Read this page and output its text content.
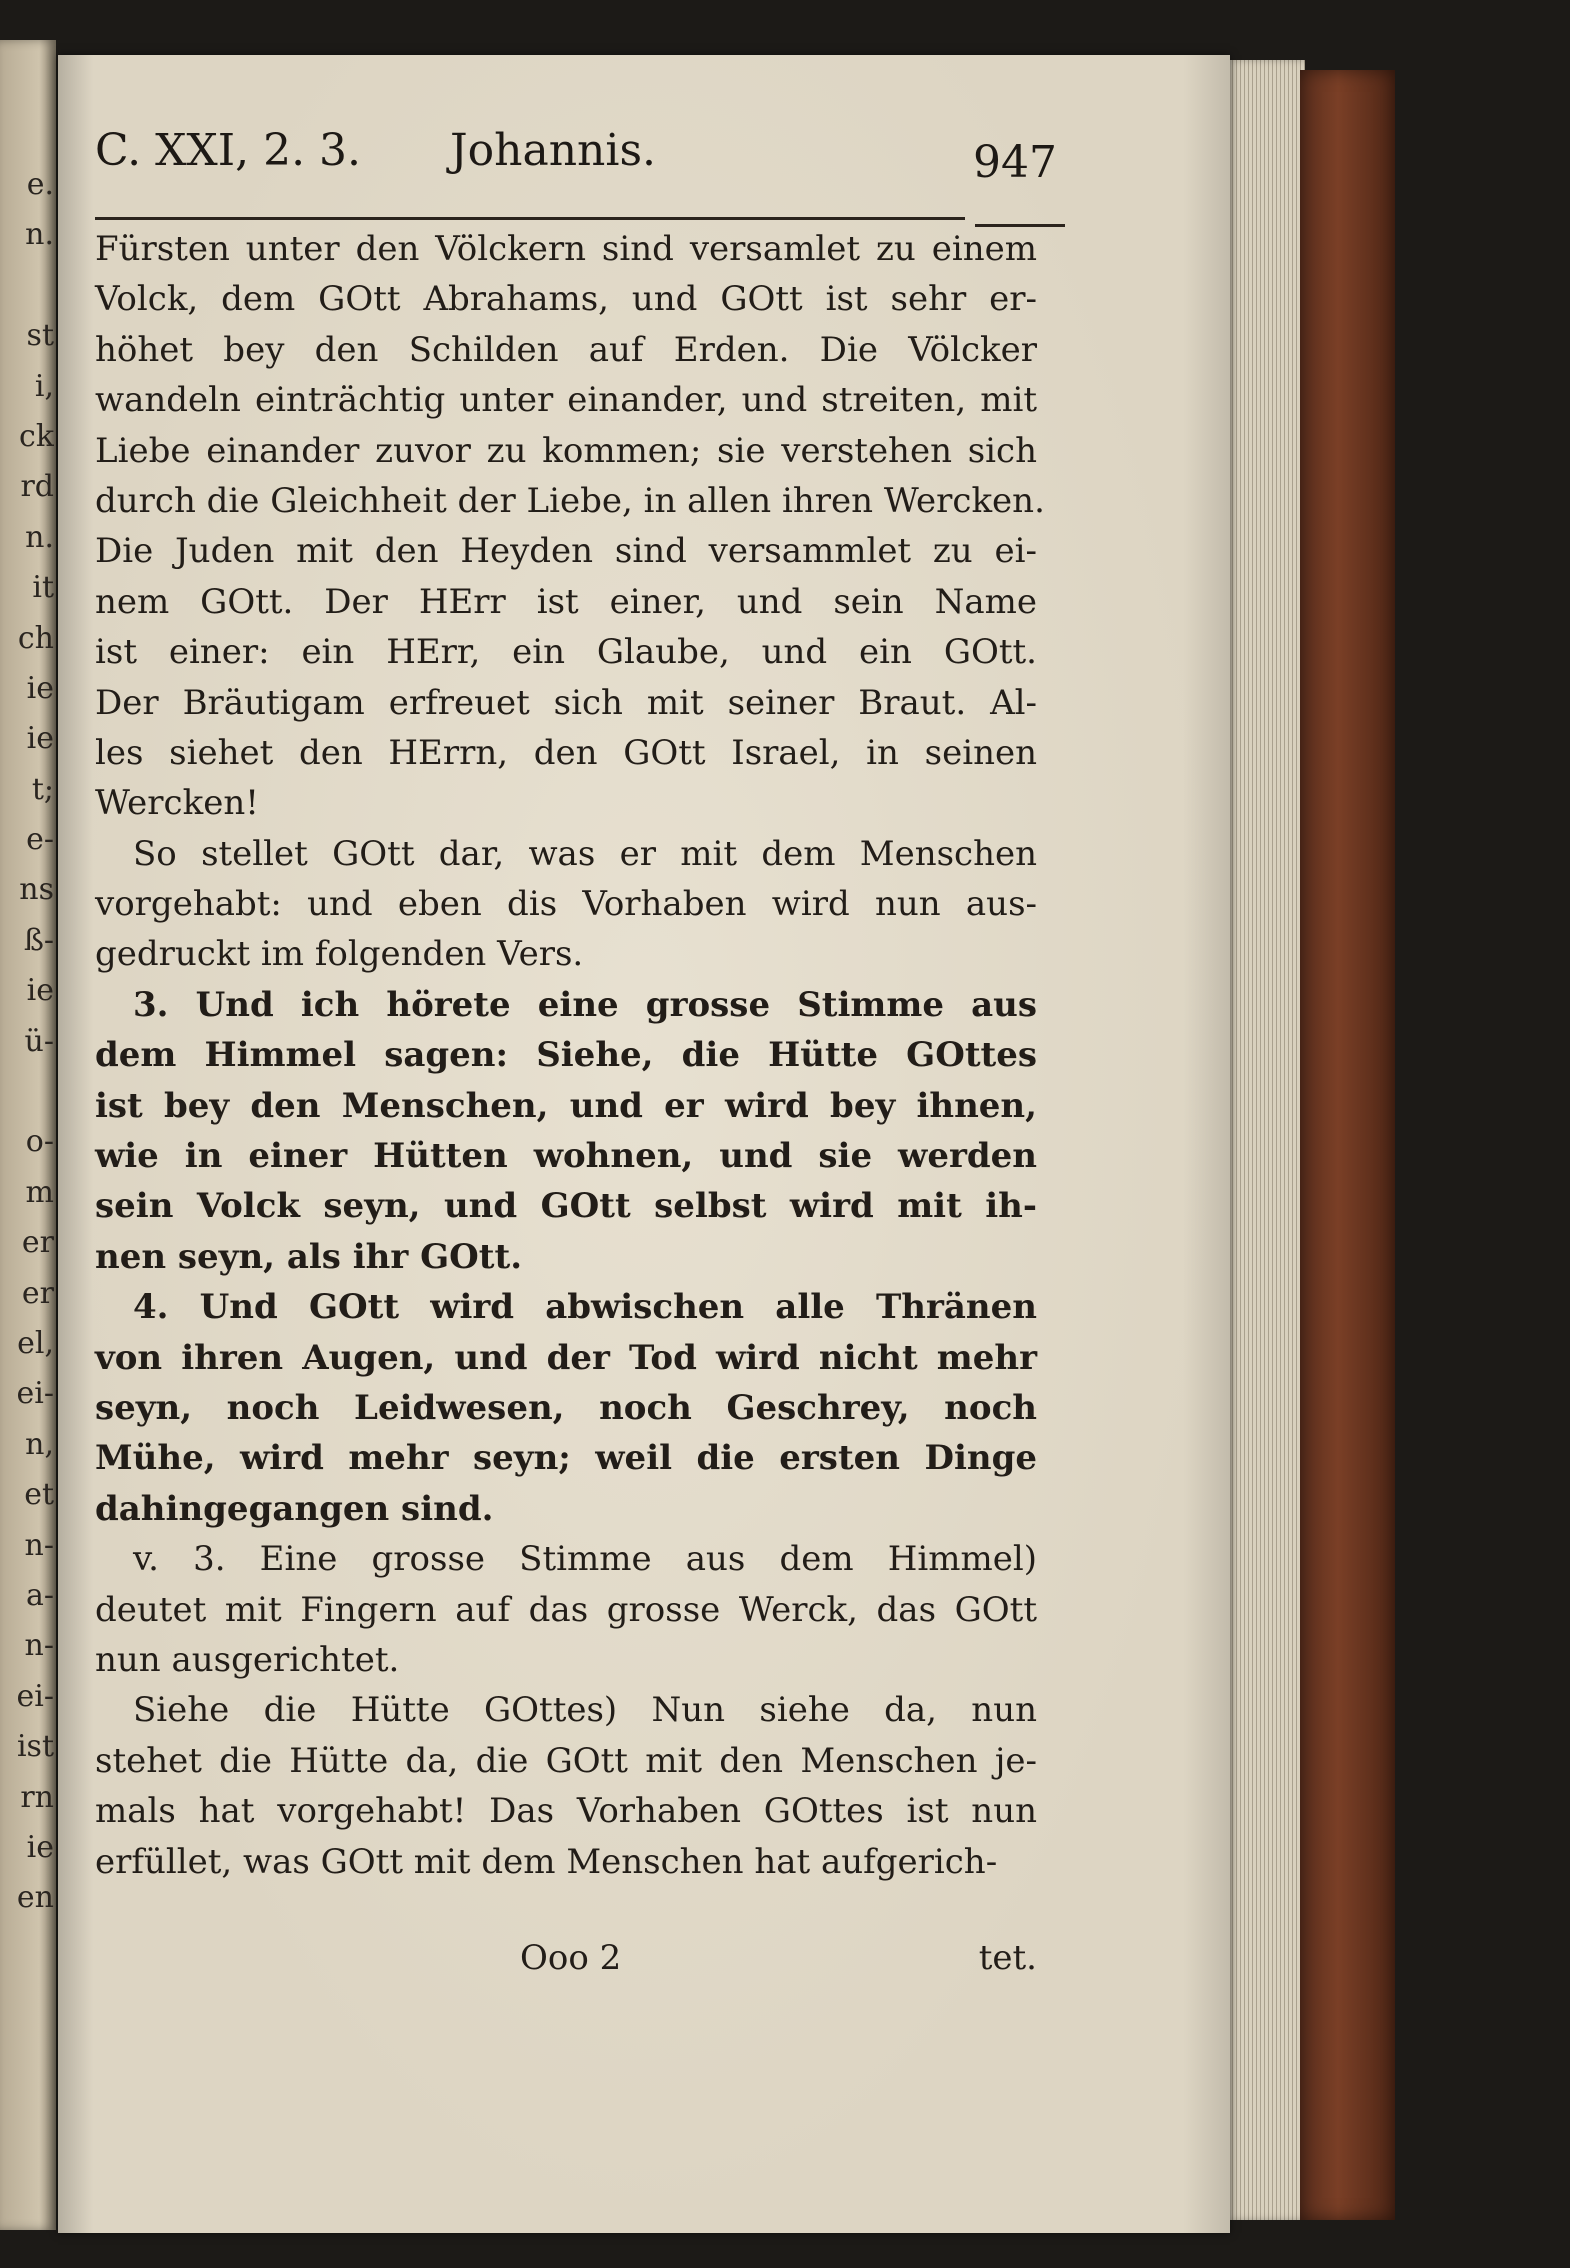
e.
n.
st
i,
ck
rd
n.
it
ch
ie
ie
t;
e-
ns
ß-
ie
ü-
o-
m
er
er
el,
ei-
n,
et
n-
a-
n-
ei-
ist
rn
ie
en
C. XXI, 2. 3. Johannis.	947
Fürsten unter den Völckern sind versamlet zu einem
Volck, dem GOtt Abrahams, und GOtt ist sehr er-
höhet bey den Schilden auf Erden. Die Völcker
wandeln einträchtig unter einander, und streiten, mit
Liebe einander zuvor zu kommen; sie verstehen sich
durch die Gleichheit der Liebe, in allen ihren Wercken.
Die Juden mit den Heyden sind versammlet zu ei-
nem GOtt. Der HErr ist einer, und sein Name
ist einer: ein HErr, ein Glaube, und ein GOtt.
Der Bräutigam erfreuet sich mit seiner Braut. Al-
les siehet den HErrn, den GOtt Israel, in seinen
Wercken!
So stellet GOtt dar, was er mit dem Menschen
vorgehabt: und eben dis Vorhaben wird nun aus-
gedruckt im folgenden Vers.
3. Und ich hörete eine grosse Stimme aus
dem Himmel sagen: Siehe, die Hütte GOttes
ist bey den Menschen, und er wird bey ihnen,
wie in einer Hütten wohnen, und sie werden
sein Volck seyn, und GOtt selbst wird mit ih-
nen seyn, als ihr GOtt.
4. Und GOtt wird abwischen alle Thränen
von ihren Augen, und der Tod wird nicht mehr
seyn, noch Leidwesen, noch Geschrey, noch
Mühe, wird mehr seyn; weil die ersten Dinge
dahingegangen sind.
v. 3. Eine grosse Stimme aus dem Himmel)
deutet mit Fingern auf das grosse Werck, das GOtt
nun ausgerichtet.
Siehe die Hütte GOttes) Nun siehe da, nun
stehet die Hütte da, die GOtt mit den Menschen je-
mals hat vorgehabt! Das Vorhaben GOttes ist nun
erfüllet, was GOtt mit dem Menschen hat aufgerich-
Ooo 2	tet.
